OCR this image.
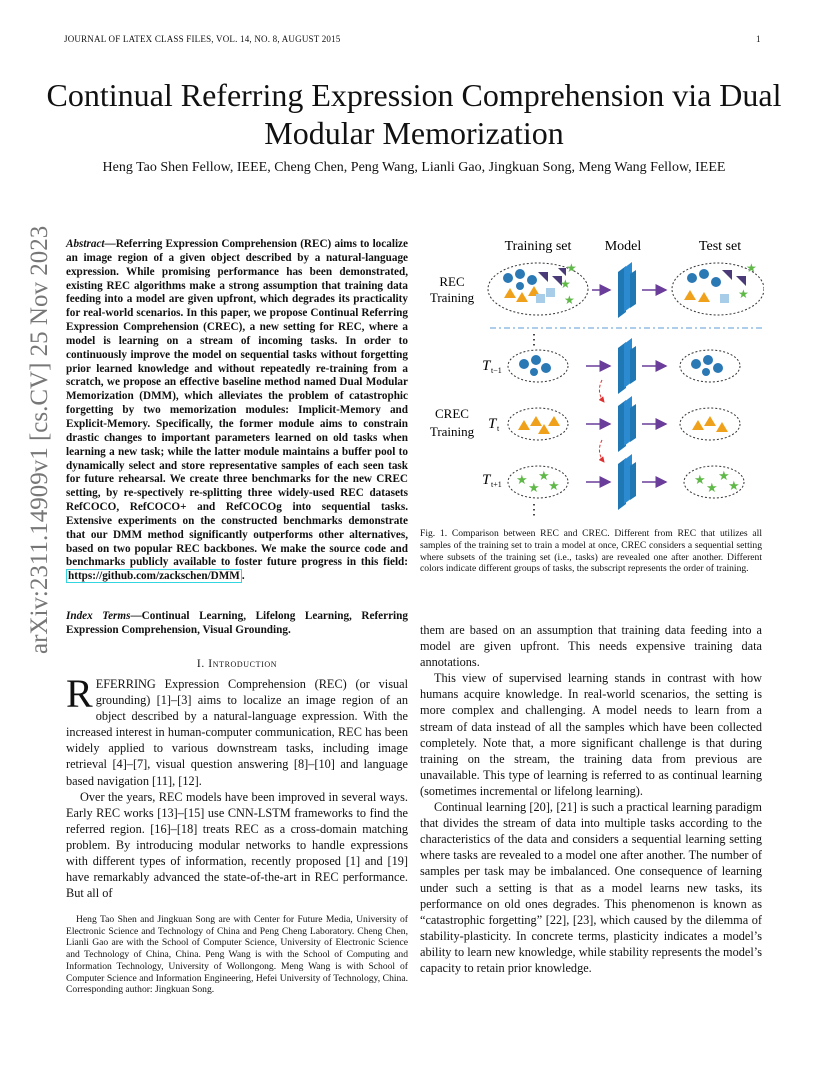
JOURNAL OF LATEX CLASS FILES, VOL. 14, NO. 8, AUGUST 2015	1
Continual Referring Expression Comprehension via Dual Modular Memorization
Heng Tao Shen Fellow, IEEE, Cheng Chen, Peng Wang, Lianli Gao, Jingkuan Song, Meng Wang Fellow, IEEE
arXiv:2311.14909v1 [cs.CV] 25 Nov 2023 Abstract—Referring Expression Comprehension (REC) aims to localize an image region of a given object described by a natural-language expression. While promising performance has been demonstrated, existing REC algorithms make a strong assumption that training data feeding into a model are given upfront, which degrades its practicality for real-world scenarios. In this paper, we propose Continual Referring Expression Comprehension (CREC), a new setting for REC, where a model is learning on a stream of incoming tasks. In order to continuously improve the model on sequential tasks without forgetting prior learned knowledge and without repeatedly re-training from a scratch, we propose an effective baseline method named Dual Modular Memorization (DMM), which alleviates the problem of catastrophic forgetting by two memorization modules: Implicit-Memory and Explicit-Memory. Specifically, the former module aims to constrain drastic changes to important parameters learned on old tasks when learning a new task; while the latter module maintains a buffer pool to dynamically select and store representative samples of each seen task for future rehearsal. We create three benchmarks for the new CREC setting, by re-spectively re-splitting three widely-used REC datasets RefCOCO, RefCOCO+ and RefCOCOg into sequential tasks. Extensive experiments on the constructed benchmarks demonstrate that our DMM method significantly outperforms other alternatives, based on two popular REC backbones. We make the source code and benchmarks publicly available to foster future progress in this field: https://github.com/zackschen/DMM .
Index Terms—Continual Learning, Lifelong Learning, Referring Expression Comprehension, Visual Grounding.
I. Introduction

REFERRING Expression Comprehension (REC) (or visual grounding) [1]–[3] aims to localize an image region of an object described by a natural-language expression. With the increased interest in human-computer communication, REC has been widely applied to various downstream tasks, including image retrieval [4]–[7], visual question answering [8]–[10] and language based navigation [11], [12].

Over the years, REC models have been improved in several ways. Early REC works [13]–[15] use CNN-LSTM frameworks to find the referred region. [16]–[18] treats REC as a cross-domain matching problem. By introducing modular networks to handle expressions with different types of information, recently proposed [1] and [19] have remarkably advanced the state-of-the-art in REC performance. But all of

Heng Tao Shen and Jingkuan Song are with Center for Future Media, University of Electronic Science and Technology of China and Peng Cheng Laboratory. Cheng Chen, Lianli Gao are with the School of Computer Science, University of Electronic Science and Technology of China, China. Peng Wang is with the School of Computing and Information Technology, University of Wollongong. Meng Wang is with School of Computer Science and Information Engineering, Hefei University of Technology, China. Corresponding author: Jingkuan Song.

Training set Model	Test set
REC
Training
★
★
★	★
★
⋮
T t−1
CREC
Training T t
T t+1 ★
★
★
★	★
★
★
★
⋮
Fig. 1. Comparison between REC and CREC. Different from REC that utilizes all samples of the training set to train a model at once, CREC considers a sequential setting where subsets of the training set (i.e., tasks) are revealed one after another. Different colors indicate different groups of tasks, the subscript represents the order of training.

them are based on an assumption that training data feeding into a model are given upfront. This needs expensive training data annotations.

This view of supervised learning stands in contrast with how humans acquire knowledge. In real-world scenarios, the setting is more complex and challenging. A model needs to learn from a stream of data instead of all the samples which have been collected completely. Note that, a more significant challenge is that during training on the stream, the training data from previous are unavailable. This type of learning is referred to as continual learning (sometimes incremental or lifelong learning).

Continual learning [20], [21] is such a practical learning paradigm that divides the stream of data into multiple tasks according to the characteristics of the data and considers a sequential learning setting where tasks are revealed to a model one after another. The number of samples per task may be imbalanced. One consequence of learning under such a setting is that as a model learns new tasks, its performance on old ones degrades. This phenomenon is known as “catastrophic forgetting” [22], [23], which caused by the dilemma of stability-plasticity. In concrete terms, plasticity indicates a model’s ability to learn new knowledge, while stability represents the model’s capacity to retain prior knowledge.
